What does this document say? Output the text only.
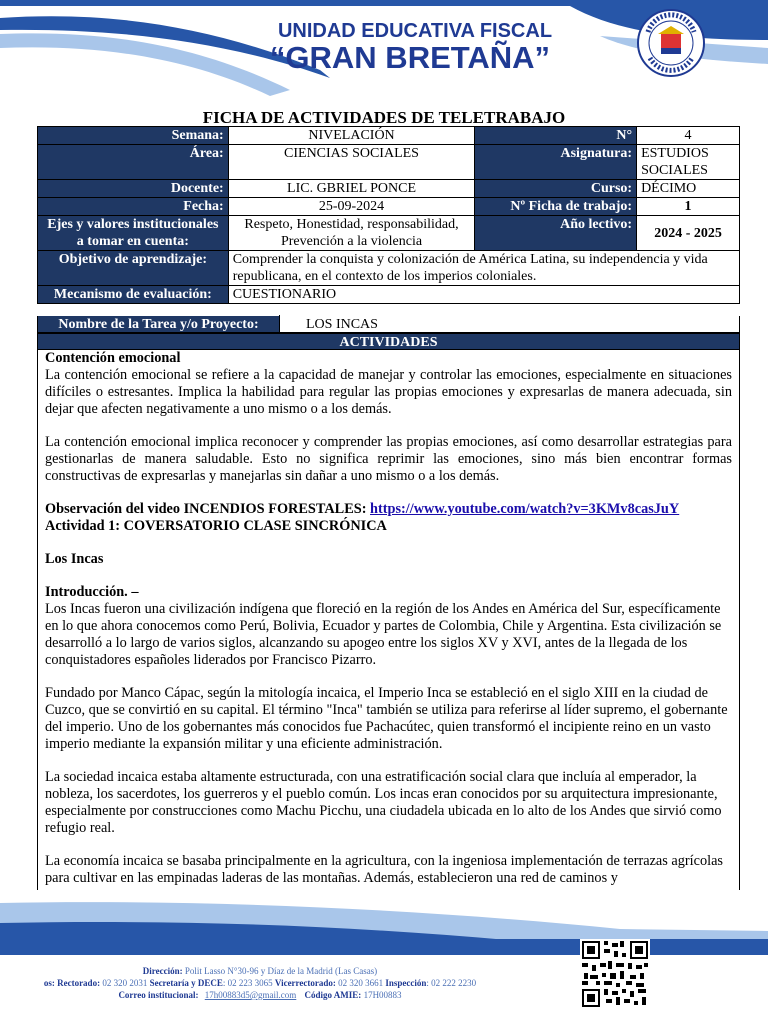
UNIDAD EDUCATIVA FISCAL
“GRAN BRETAÑA”
FICHA DE ACTIVIDADES DE TELETRABAJO
Semana:	NIVELACIÓN	N°	4
Área:	CIENCIAS SOCIALES	Asignatura:	ESTUDIOS SOCIALES
Docente:	LIC. GBRIEL PONCE	Curso:	DÉCIMO
Fecha:	25-09-2024	Nº Ficha de trabajo:	1
Ejes y valores institucionales a tomar en cuenta:	Respeto, Honestidad, responsabilidad, Prevención a la violencia	Año lectivo:	2024 - 2025
Objetivo de aprendizaje:	Comprender la conquista y colonización de América Latina, su independencia y vida republicana, en el contexto de los imperios coloniales.		
Mecanismo de evaluación:	CUESTIONARIO		
Nombre de la Tarea y/o Proyecto:	LOS INCAS
ACTIVIDADES
Contención emocional

La contención emocional se refiere a la capacidad de manejar y controlar las emociones, especialmente en situaciones difíciles o estresantes. Implica la habilidad para regular las propias emociones y expresarlas de manera adecuada, sin dejar que afecten negativamente a uno mismo o a los demás.

La contención emocional implica reconocer y comprender las propias emociones, así como desarrollar estrategias para gestionarlas de manera saludable. Esto no significa reprimir las emociones, sino más bien encontrar formas constructivas de expresarlas y manejarlas sin dañar a uno mismo o a los demás.

Observación del video INCENDIOS FORESTALES: https://www.youtube.com/watch?v=3KMv8casJuY

Actividad 1: COVERSATORIO CLASE SINCRÓNICA

Los Incas

Introducción. –

Los Incas fueron una civilización indígena que floreció en la región de los Andes en América del Sur, específicamente en lo que ahora conocemos como Perú, Bolivia, Ecuador y partes de Colombia, Chile y Argentina. Esta civilización se desarrolló a lo largo de varios siglos, alcanzando su apogeo entre los siglos XV y XVI, antes de la llegada de los conquistadores españoles liderados por Francisco Pizarro.

Fundado por Manco Cápac, según la mitología incaica, el Imperio Inca se estableció en el siglo XIII en la ciudad de Cuzco, que se convirtió en su capital. El término "Inca" también se utiliza para referirse al líder supremo, el gobernante del imperio. Uno de los gobernantes más conocidos fue Pachacútec, quien transformó el incipiente reino en un vasto imperio mediante la expansión militar y una eficiente administración.

La sociedad incaica estaba altamente estructurada, con una estratificación social clara que incluía al emperador, la nobleza, los sacerdotes, los guerreros y el pueblo común. Los incas eran conocidos por su arquitectura impresionante, especialmente por construcciones como Machu Picchu, una ciudadela ubicada en lo alto de los Andes que sirvió como refugio real.

La economía incaica se basaba principalmente en la agricultura, con la ingeniosa implementación de terrazas agrícolas para cultivar en las empinadas laderas de las montañas. Además, establecieron una red de caminos y

Dirección: Polit Lasso N°30-96 y Díaz de la Madrid (Las Casas)
os: Rectorado: 02 320 2031 Secretaría y DECE: 02 223 3065 Vicerrectorado: 02 320 3661 Inspección: 02 222 2230
Correo institucional: 17h00883d5@gmail.com Código AMIE: 17H00883
